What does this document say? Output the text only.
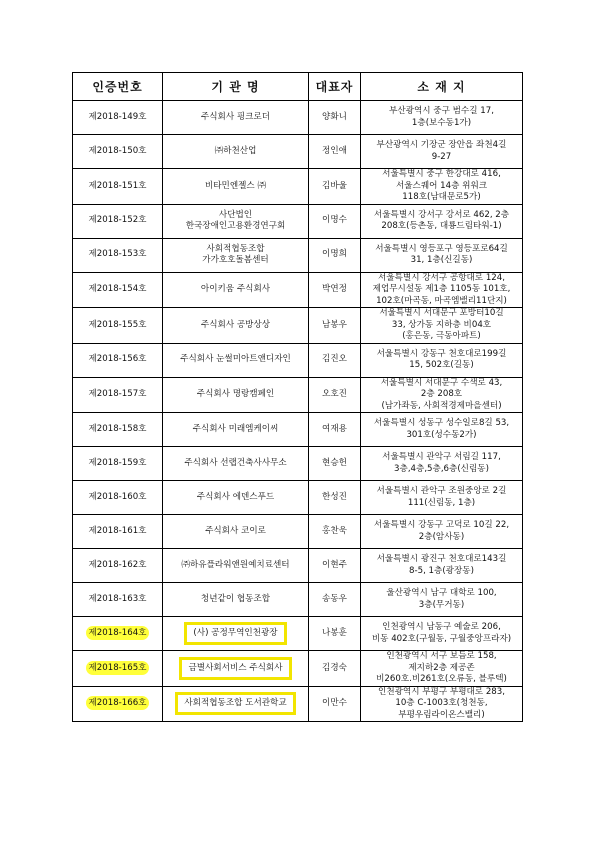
인증번호	기 관 명	대표자	소 재 지
제2018-149호	주식회사 핑크로더	양화니	부산광역시 중구 범수길 17,
1층(보수동1가)
제2018-150호	㈜하천산업	정인애	부산광역시 기장군 장안읍 좌천4길
9-27
제2018-151호	비타민엔젤스 ㈜	김바울	서울특별시 중구 한강대로 416,
서울스퀘어 14층 위워크
118호(남대문로5가)
제2018-152호	사단법인
한국장애인고용환경연구회	이명수	서울특별시 강서구 강서로 462, 2층
208호(등촌동, 대룡드림타워-1)
제2018-153호	사회적협동조합
가가호호돌봄센터	이명희	서울특별시 영등포구 영등포로64길
31, 1층(신길동)
제2018-154호	아이키움 주식회사	박연정	서울특별시 강서구 공항대로 124,
제업무시설동 제1층 1105동 101호,
102호(마곡동, 마곡엠밸리11단지)
제2018-155호	주식회사 공방상상	남봉우	서울특별시 서대문구 포방터10길
33, 상가동 지하층 비04호
(홍은동, 극동아파트)
제2018-156호	주식회사 눈썰미아트앤디자인	김진오	서울특별시 강동구 천호대로199길
15, 502호(길동)
제2018-157호	주식회사 명랑캠페인	오호진	서울특별시 서대문구 수색로 43,
2층 208호
(남가좌동, 사회적경제마을센터)
제2018-158호	주식회사 미래엠케이씨	여재용	서울특별시 성동구 성수일로8길 53,
301호(성수동2가)
제2018-159호	주식회사 선랩건축사사무소	현승헌	서울특별시 관악구 서림길 117,
3층,4층,5층,6층(신림동)
제2018-160호	주식회사 에덴스푸드	한성진	서울특별시 관악구 조원중앙로 2길
111(신림동, 1층)
제2018-161호	주식회사 코이로	홍찬욱	서울특별시 강동구 고덕로 10길 22,
2층(암사동)
제2018-162호	㈜하유플라워앤원예치료센터	이현주	서울특별시 광진구 천호대로143길
8-5, 1층(광장동)
제2018-163호	청년같이 협동조합	송동우	울산광역시 남구 대학로 100,
3층(무거동)
제2018-164호	(사) 공정무역인천광장	나봉훈	인천광역시 남동구 예술로 206,
비동 402호(구월동, 구월중앙프라자)
제2018-165호	금별사회서비스 주식회사	김경숙	인천광역시 서구 보듬로 158,
제지하2층 제공존
비260호.비261호(오류동, 블루텍)
제2018-166호	사회적협동조합 도서관학교	이만수	인천광역시 부평구 부평대로 283,
10층 C-1003호(청천동,
부평우림라이온스밸리)
